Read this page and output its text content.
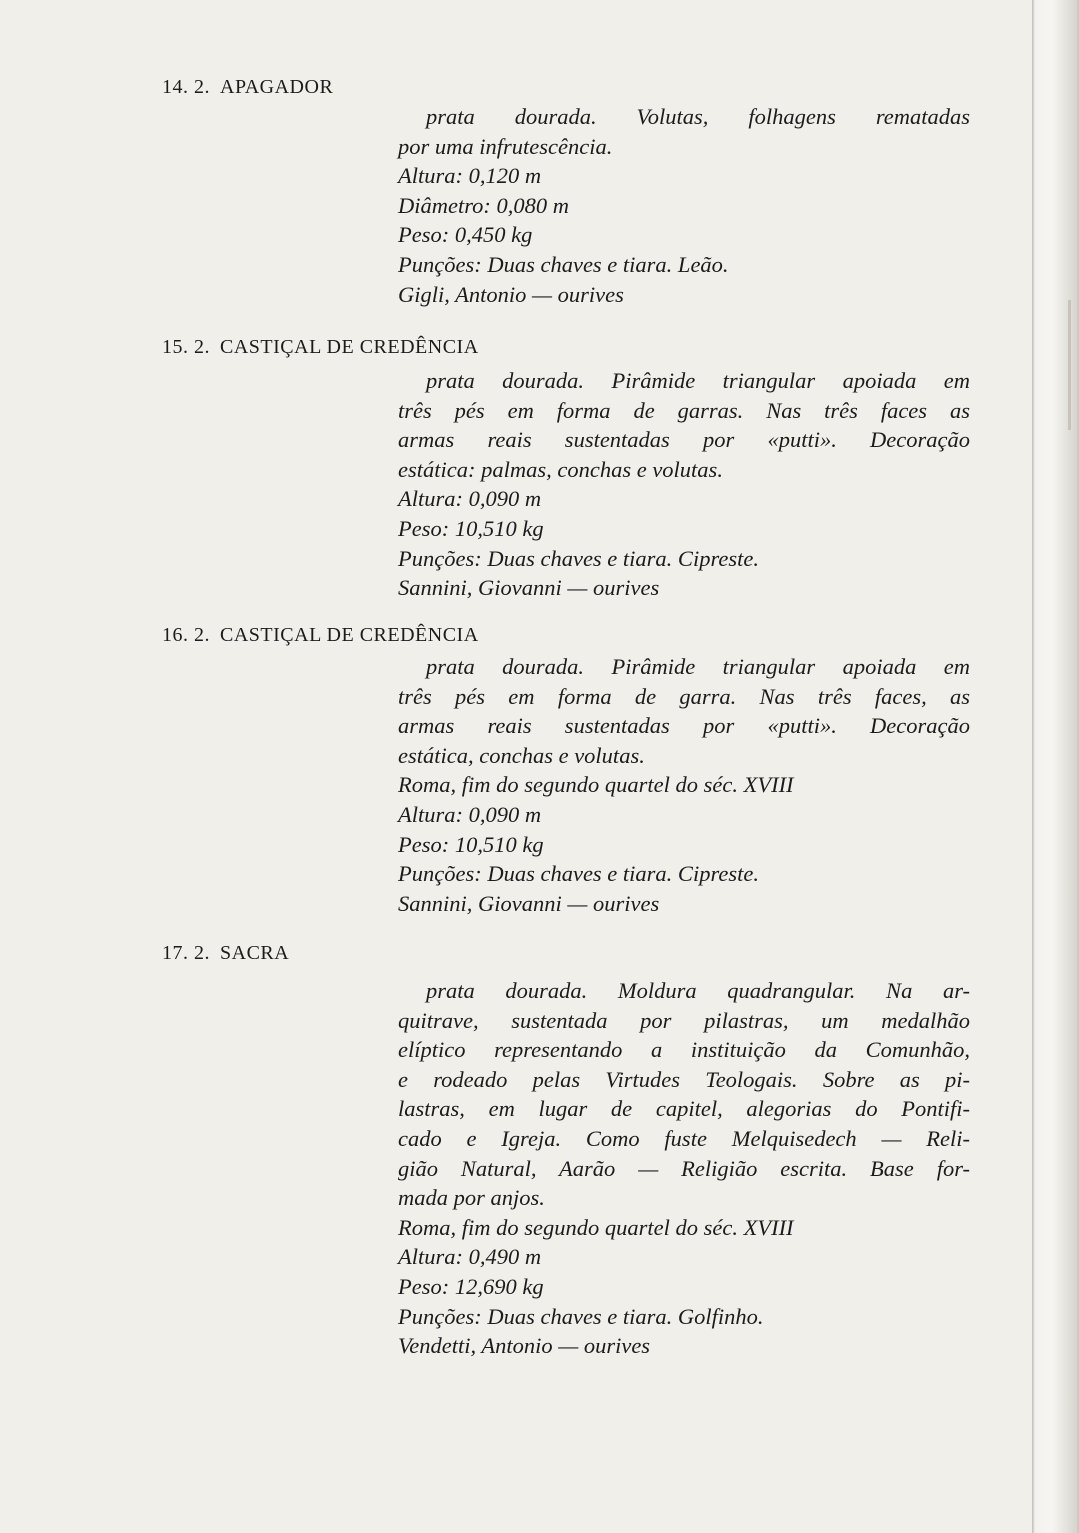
14. 2. APAGADOR
prata dourada. Volutas, folhagens rematadas
por uma infrutescência.
Altura: 0,120 m
Diâmetro: 0,080 m
Peso: 0,450 kg
Punções: Duas chaves e tiara. Leão.
Gigli, Antonio — ourives
15. 2. CASTIÇAL DE CREDÊNCIA
prata dourada. Pirâmide triangular apoiada em
três pés em forma de garras. Nas três faces as
armas reais sustentadas por «putti». Decoração
estática: palmas, conchas e volutas.
Altura: 0,090 m
Peso: 10,510 kg
Punções: Duas chaves e tiara. Cipreste.
Sannini, Giovanni — ourives
16. 2. CASTIÇAL DE CREDÊNCIA
prata dourada. Pirâmide triangular apoiada em
três pés em forma de garra. Nas três faces, as
armas reais sustentadas por «putti». Decoração
estática, conchas e volutas.
Roma, fim do segundo quartel do séc. XVIII
Altura: 0,090 m
Peso: 10,510 kg
Punções: Duas chaves e tiara. Cipreste.
Sannini, Giovanni — ourives
17. 2. SACRA
prata dourada. Moldura quadrangular. Na ar-
quitrave, sustentada por pilastras, um medalhão
elíptico representando a instituição da Comunhão,
e rodeado pelas Virtudes Teologais. Sobre as pi-
lastras, em lugar de capitel, alegorias do Pontifi-
cado e Igreja. Como fuste Melquisedech — Reli-
gião Natural, Aarão — Religião escrita. Base for-
mada por anjos.
Roma, fim do segundo quartel do séc. XVIII
Altura: 0,490 m
Peso: 12,690 kg
Punções: Duas chaves e tiara. Golfinho.
Vendetti, Antonio — ourives
